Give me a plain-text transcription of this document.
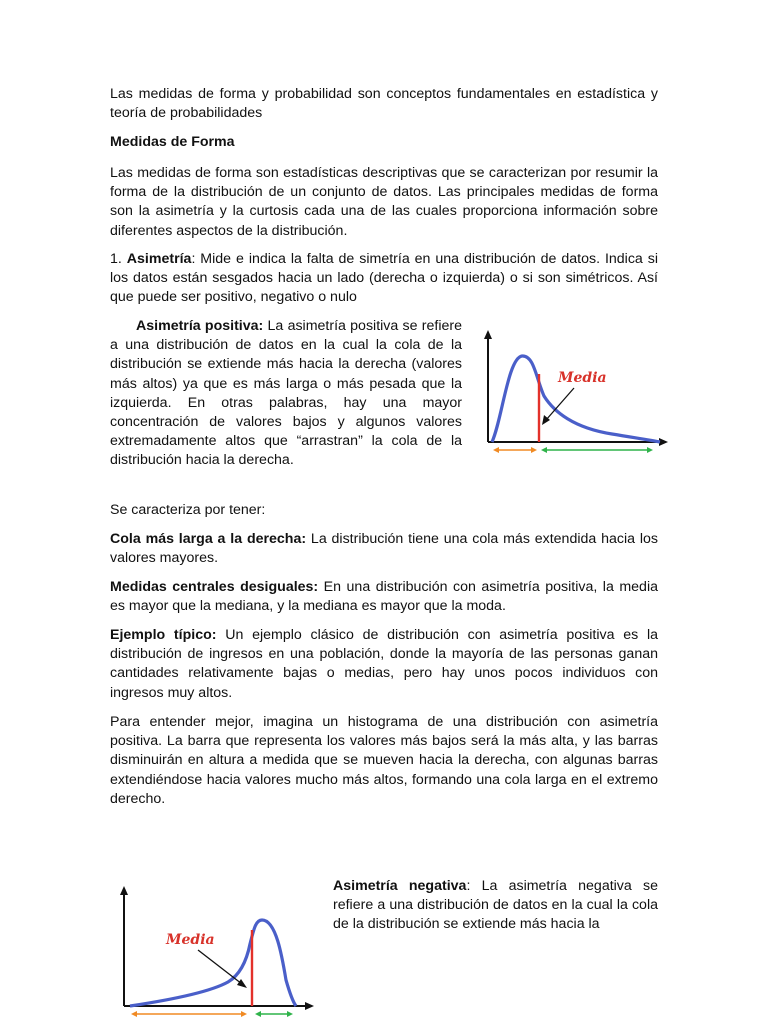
Las medidas de forma y probabilidad son conceptos fundamentales en estadística y teoría de probabilidades

Medidas de Forma

Las medidas de forma son estadísticas descriptivas que se caracterizan por resumir la forma de la distribución de un conjunto de datos. Las principales medidas de forma son la asimetría y la curtosis cada una de las cuales proporciona información sobre diferentes aspectos de la distribución.

1. Asimetría: Mide e indica la falta de simetría en una distribución de datos. Indica si los datos están sesgados hacia un lado (derecha o izquierda) o si son simétricos. Así que puede ser positivo, negativo o nulo

Asimetría positiva: La asimetría positiva se refiere a una distribución de datos en la cual la cola de la distribución se extiende más hacia la derecha (valores más altos) ya que es más larga o más pesada que la izquierda. En otras palabras, hay una mayor concentración de valores bajos y algunos valores extremadamente altos que “arrastran” la cola de la distribución hacia la derecha.

Media

Se caracteriza por tener:

Cola más larga a la derecha: La distribución tiene una cola más extendida hacia los valores mayores.

Medidas centrales desiguales: En una distribución con asimetría positiva, la media es mayor que la mediana, y la mediana es mayor que la moda.

Ejemplo típico: Un ejemplo clásico de distribución con asimetría positiva es la distribución de ingresos en una población, donde la mayoría de las personas ganan cantidades relativamente bajas o medias, pero hay unos pocos individuos con ingresos muy altos.

Para entender mejor, imagina un histograma de una distribución con asimetría positiva. La barra que representa los valores más bajos será la más alta, y las barras disminuirán en altura a medida que se mueven hacia la derecha, con algunas barras extendiéndose hacia valores mucho más altos, formando una cola larga en el extremo derecho.

Media

Asimetría negativa: La asimetría negativa se refiere a una distribución de datos en la cual la cola de la distribución se extiende más hacia la
